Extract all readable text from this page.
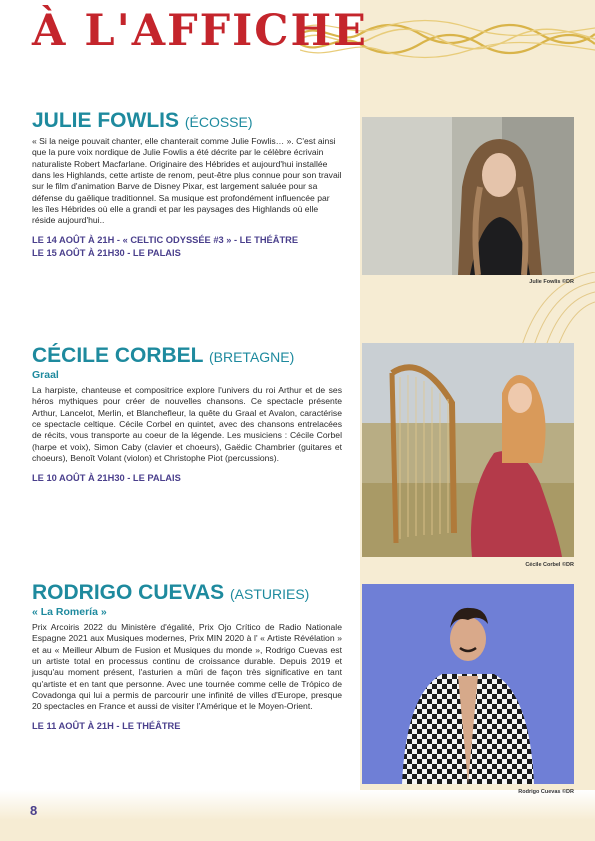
À L'AFFICHE
JULIE FOWLIS (ÉCOSSE)

« Si la neige pouvait chanter, elle chanterait comme Julie Fowlis… ». C'est ainsi que la pure voix nordique de Julie Fowlis a été décrite par le célèbre écrivain naturaliste Robert Macfarlane. Originaire des Hébrides et aujourd'hui installée dans les Highlands, cette artiste de renom, peut-être plus connue pour son travail sur le film d'animation Barve de Disney Pixar, est largement saluée pour sa défense du gaëlique traditionnel. Sa musique est profondément influencée par les îles Hébrides où elle a grandi et par les paysages des Highlands où elle réside aujourd'hui..

LE 14 AOÛT À 21H - « CELTIC ODYSSÉE #3 » - LE THÉÂTRE
LE 15 AOÛT À 21H30 - LE PALAIS
Julie Fowlis ©DR
CÉCILE CORBEL (BRETAGNE)

Graal

La harpiste, chanteuse et compositrice explore l'univers du roi Arthur et de ses héros mythiques pour créer de nouvelles chansons. Ce spectacle présente Arthur, Lancelot, Merlin, et Blanchefleur, la quête du Graal et Avalon, caractérise ce spectacle celtique. Cécile Corbel en quintet, avec des chansons entrelacées de récits, vous transporte au coeur de la légende. Les musiciens : Cécile Corbel (harpe et voix), Simon Caby (clavier et choeurs), Gaëdic Chambrier (guitares et choeurs), Benoît Volant (violon) et Christophe Piot (percussions).

LE 10 AOÛT À 21H30 - LE PALAIS
Cécile Corbel ©DR
RODRIGO CUEVAS (ASTURIES)

« La Romería »

Prix Arcoiris 2022 du Ministère d'égalité, Prix Ojo Crítico de Radio Nationale Espagne 2021 aux Musiques modernes, Prix MIN 2020 à l' « Artiste Révélation » et au « Meilleur Album de Fusion et Musiques du monde », Rodrigo Cuevas est un artiste total en processus continu de croissance durable. Depuis 2019 et jusqu'au moment présent, l'asturien a mûri de façon très significative en tant qu'artiste et en tant que personne. Avec une tournée comme celle de Trópico de Covadonga qui lui a permis de parcourir une infinité de villes d'Europe, presque 20 spectacles en France et aussi de visiter l'Amérique et le Moyen-Orient.

LE 11 AOÛT À 21H - LE THÉÂTRE
Rodrigo Cuevas ©DR
8
